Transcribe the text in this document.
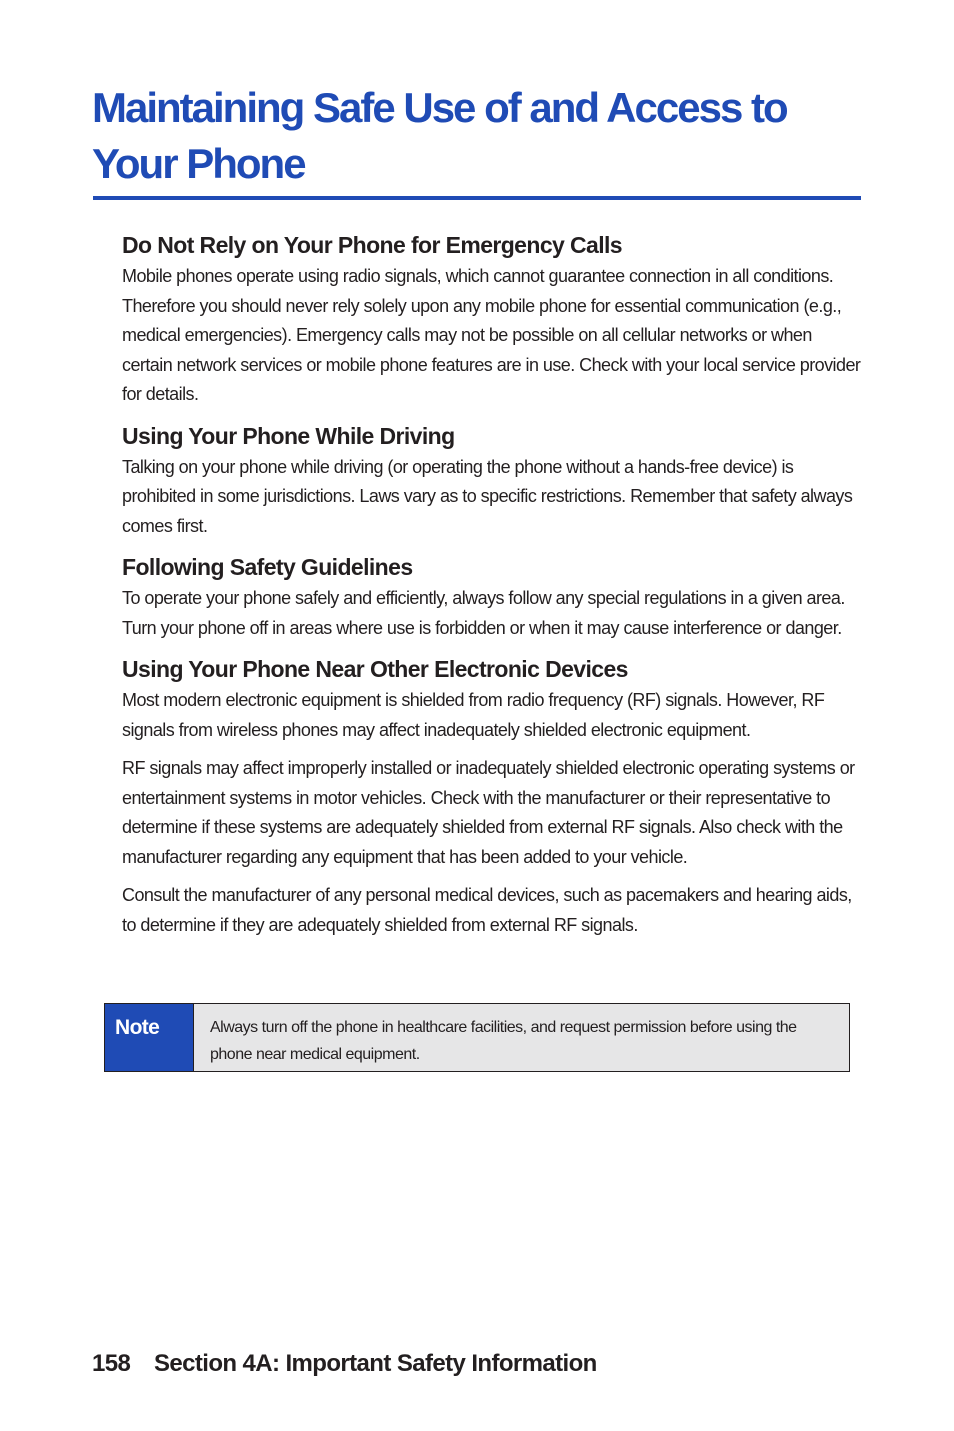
Maintaining Safe Use of and Access to Your Phone
Do Not Rely on Your Phone for Emergency Calls

Mobile phones operate using radio signals, which cannot guarantee connection in all conditions. Therefore you should never rely solely upon any mobile phone for essential communication (e.g., medical emergencies). Emergency calls may not be possible on all cellular networks or when certain network services or mobile phone features are in use. Check with your local service provider for details.

Using Your Phone While Driving

Talking on your phone while driving (or operating the phone without a hands-free device) is prohibited in some jurisdictions. Laws vary as to specific restrictions. Remember that safety always comes first.

Following Safety Guidelines

To operate your phone safely and efficiently, always follow any special regulations in a given area. Turn your phone off in areas where use is forbidden or when it may cause interference or danger.

Using Your Phone Near Other Electronic Devices

Most modern electronic equipment is shielded from radio frequency (RF) signals. However, RF signals from wireless phones may affect inadequately shielded electronic equipment.

RF signals may affect improperly installed or inadequately shielded electronic operating systems or entertainment systems in motor vehicles. Check with the manufacturer or their representative to determine if these systems are adequately shielded from external RF signals. Also check with the manufacturer regarding any equipment that has been added to your vehicle.

Consult the manufacturer of any personal medical devices, such as pacemakers and hearing aids, to determine if they are adequately shielded from external RF signals.

Note	Always turn off the phone in healthcare facilities, and request permission before using the phone near medical equipment.
158 Section 4A: Important Safety Information
